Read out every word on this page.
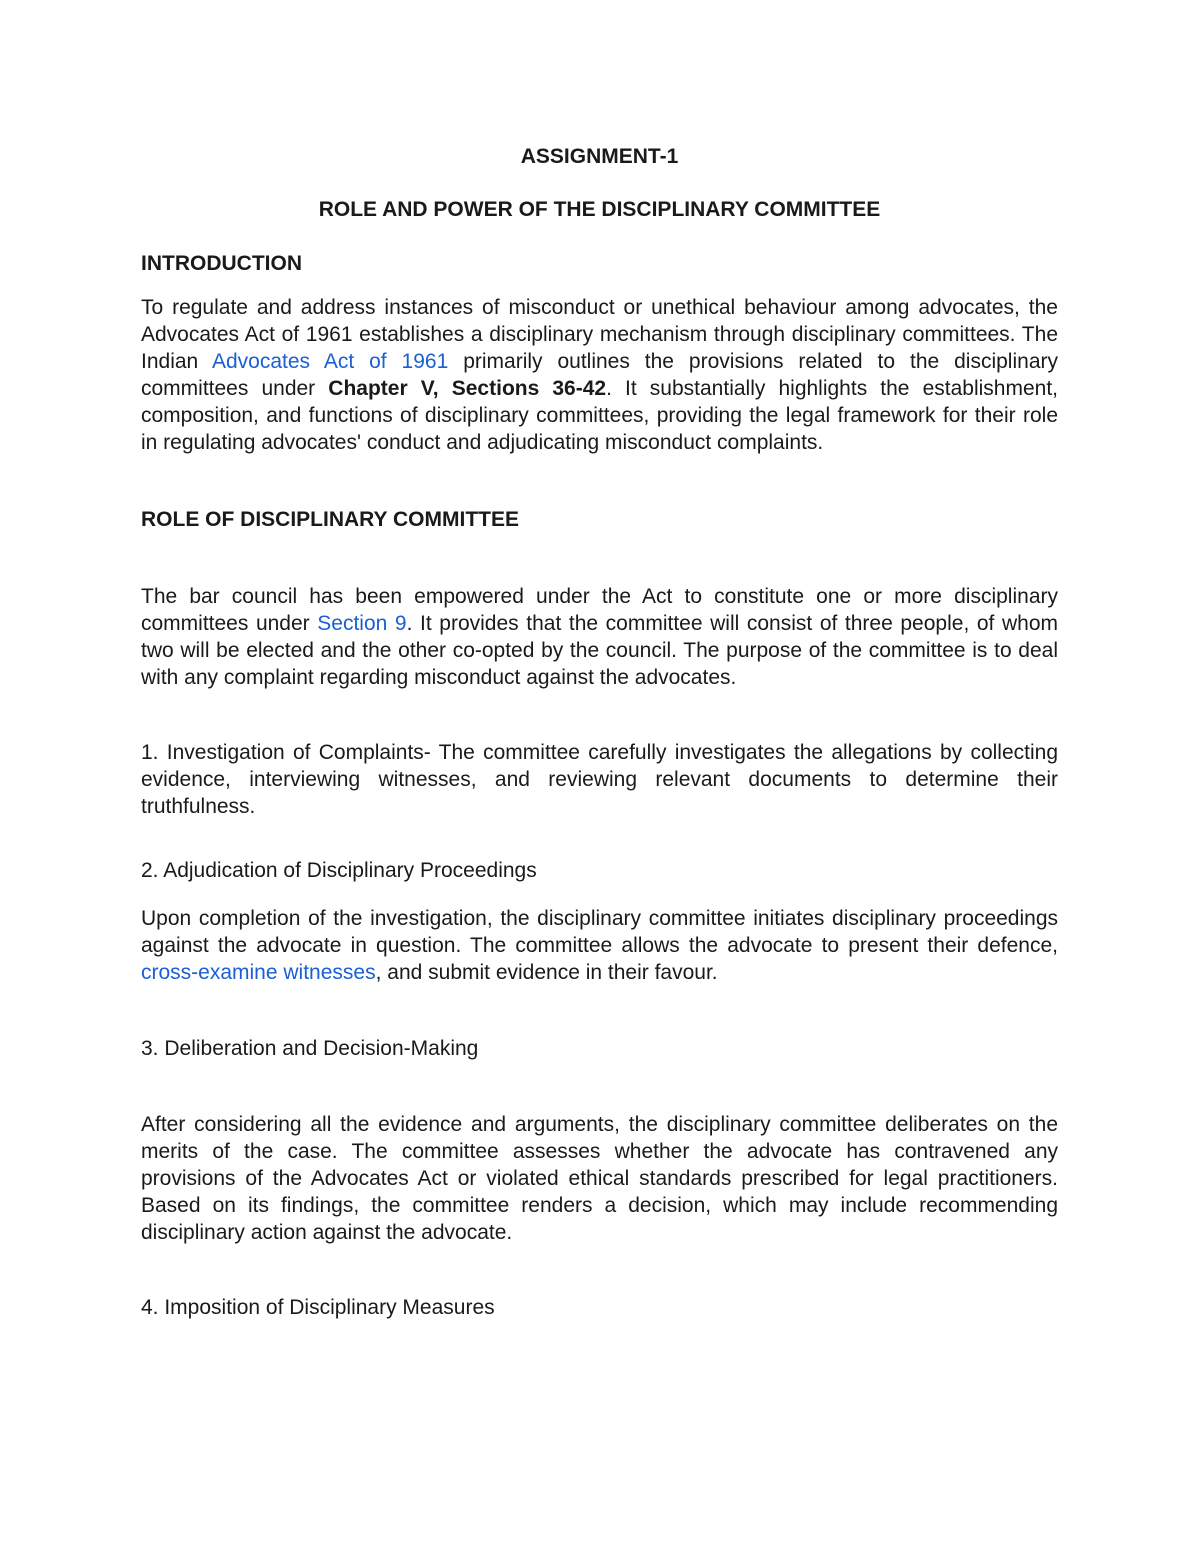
ASSIGNMENT-1

ROLE AND POWER OF THE DISCIPLINARY COMMITTEE

INTRODUCTION

To regulate and address instances of misconduct or unethical behaviour among advocates, the Advocates Act of 1961 establishes a disciplinary mechanism through disciplinary committees. The Indian Advocates Act of 1961 primarily outlines the provisions related to the disciplinary committees under Chapter V, Sections 36-42. It substantially highlights the establishment, composition, and functions of disciplinary committees, providing the legal framework for their role in regulating advocates' conduct and adjudicating misconduct complaints.

ROLE OF DISCIPLINARY COMMITTEE

The bar council has been empowered under the Act to constitute one or more disciplinary committees under Section 9. It provides that the committee will consist of three people, of whom two will be elected and the other co-opted by the council. The purpose of the committee is to deal with any complaint regarding misconduct against the advocates.

1. Investigation of Complaints- The committee carefully investigates the allegations by collecting evidence, interviewing witnesses, and reviewing relevant documents to determine their truthfulness.

2. Adjudication of Disciplinary Proceedings

Upon completion of the investigation, the disciplinary committee initiates disciplinary proceedings against the advocate in question. The committee allows the advocate to present their defence, cross-examine witnesses, and submit evidence in their favour.

3. Deliberation and Decision-Making

After considering all the evidence and arguments, the disciplinary committee deliberates on the merits of the case. The committee assesses whether the advocate has contravened any provisions of the Advocates Act or violated ethical standards prescribed for legal practitioners. Based on its findings, the committee renders a decision, which may include recommending disciplinary action against the advocate.

4. Imposition of Disciplinary Measures
